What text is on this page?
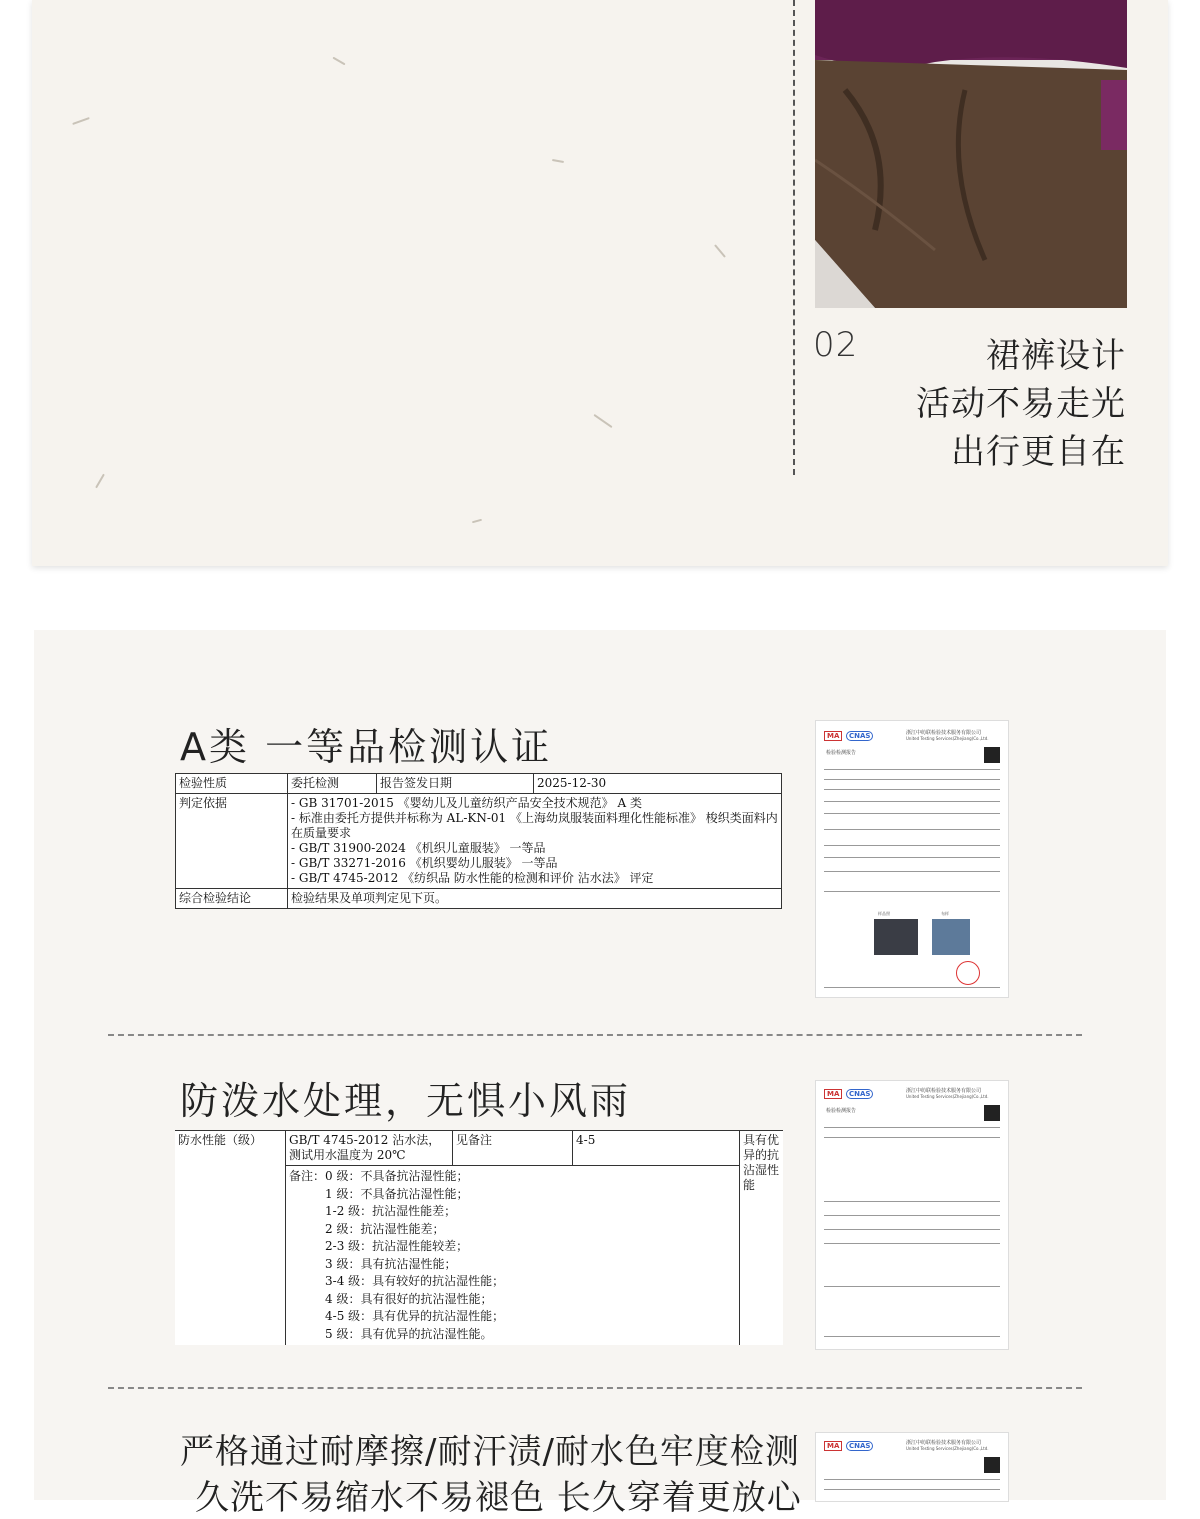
02	裙裤设计
活动不易走光
出行更自在
A类 一等品检测认证
检验性质	委托检测	报告签发日期	2025-12-30
判定依据	- GB 31701-2015 《婴幼儿及儿童纺织产品安全技术规范》 A 类
- 标准由委托方提供并标称为 AL-KN-01 《上海幼岚服装面料理化性能标准》 梭织类面料内在质量要求
- GB/T 31900-2024 《机织儿童服装》 一等品
- GB/T 33271-2016 《机织婴幼儿服装》 一等品
- GB/T 4745-2012 《纺织品 防水性能的检测和评价 沾水法》 评定		

综合检验结论	检验结果及单项判定见下页。		
MA	CNAS	浙江中纺联检验技术服务有限公司
United Testing Services(Zhejiang)Co.,Ltd.
检验检测报告
样品照	布样
防泼水处理，无惧小风雨
防水性能（级）	GB/T 4745-2012 沾水法，测试用水温度为 20℃	见备注	4-5	具有优异的抗沾湿性能

备注：0 级：不具备抗沾湿性能；
1 级：不具备抗沾湿性能；
1-2 级：抗沾湿性能差；
2 级：抗沾湿性能差；
2-3 级：抗沾湿性能较差；
3 级：具有抗沾湿性能；
3-4 级：具有较好的抗沾湿性能；
4 级：具有很好的抗沾湿性能；
4-5 级：具有优异的抗沾湿性能；
5 级：具有优异的抗沾湿性能。
MA	CNAS	浙江中纺联检验技术服务有限公司
United Testing Services(Zhejiang)Co.,Ltd.
检验检测报告
严格通过耐摩擦/耐汗渍/耐水色牢度检测
久洗不易缩水不易褪色 长久穿着更放心
MA	CNAS	浙江中纺联检验技术服务有限公司
United Testing Services(Zhejiang)Co.,Ltd.
